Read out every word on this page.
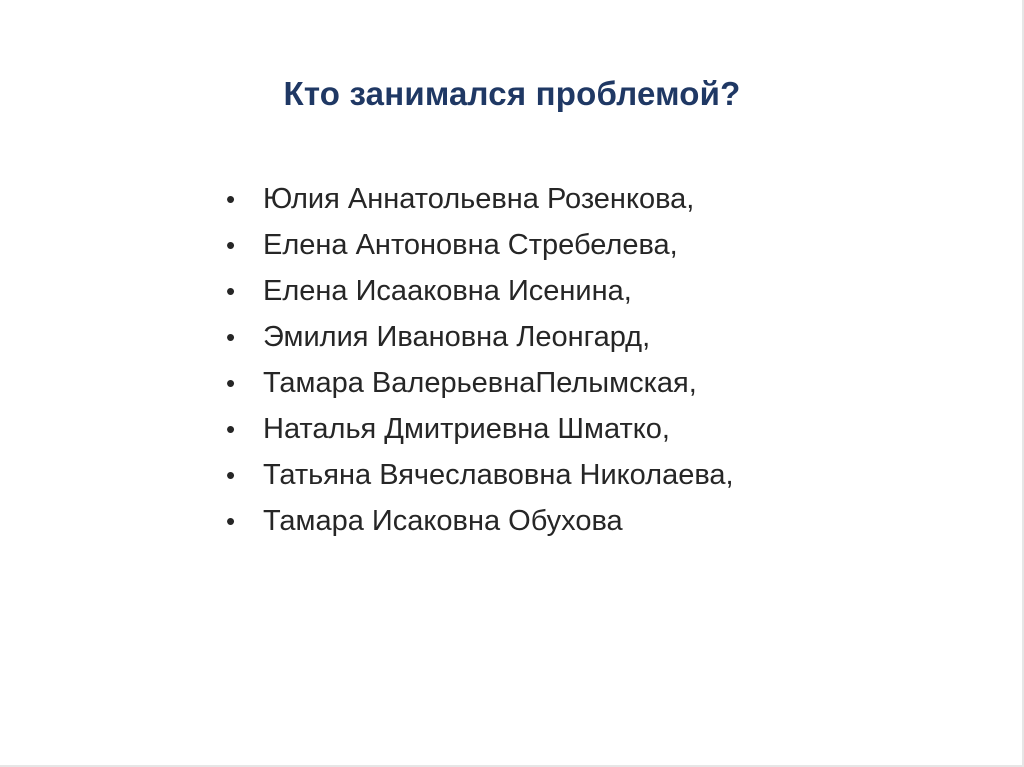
Кто занимался проблемой?
• Юлия Аннатольевна Розенкова,
• Елена Антоновна Стребелева,
• Елена Исааковна Исенина,
• Эмилия Ивановна Леонгард,
• Тамара ВалерьевнаПелымская,
• Наталья Дмитриевна Шматко,
• Татьяна Вячеславовна Николаева,
• Тамара Исаковна Обухова
